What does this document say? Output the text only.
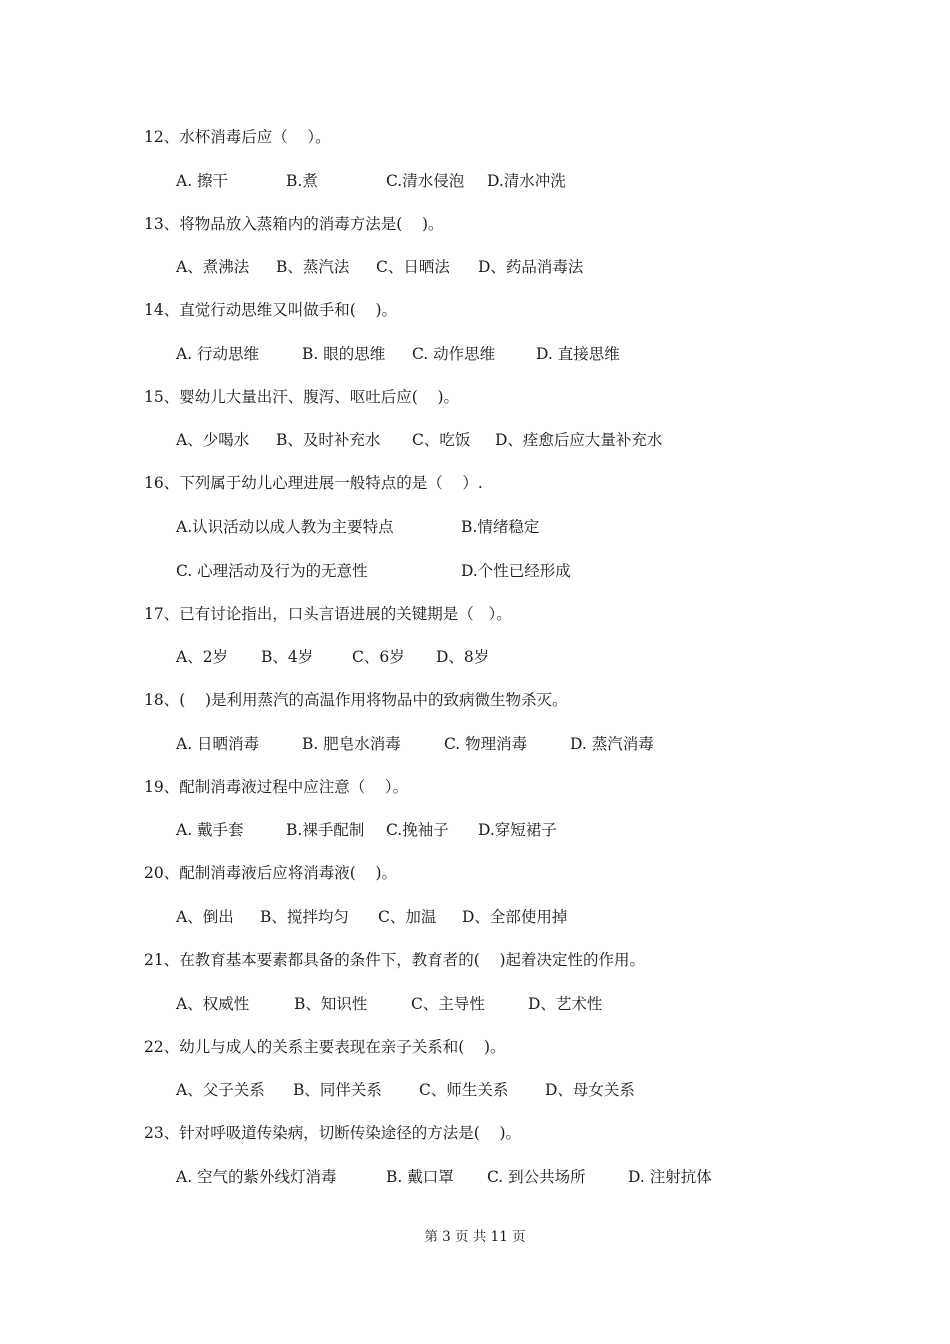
12、水杯消毒后应（    ）。

A. 擦干

	B.煮

	C.清水侵泡

D.清水冲洗

13、将物品放入蒸箱内的消毒方法是(    )。

A、煮沸法

B、蒸汽法

C、日晒法

D、药品消毒法

14、直觉行动思维又叫做手和(    )。

A. 行动思维

	B. 眼的思维

C. 动作思维

	D. 直接思维

15、婴幼儿大量出汗、腹泻、呕吐后应(    )。

A、少喝水

B、及时补充水

C、吃饭

D、痊愈后应大量补充水

16、下列属于幼儿心理进展一般特点的是（    ）.

A.认识活动以成人教为主要特点

	B.情绪稳定

C. 心理活动及行为的无意性

	D.个性已经形成

17、已有讨论指出，口头言语进展的关键期是（   ）。

A、2岁

B、4岁

C、6岁

D、8岁

18、(    )是利用蒸汽的高温作用将物品中的致病微生物杀灭。

A. 日晒消毒

	B. 肥皂水消毒

	C. 物理消毒

	D. 蒸汽消毒

19、配制消毒液过程中应注意（    ）。

A. 戴手套

	B.裸手配制

C.挽袖子

D.穿短裙子

20、配制消毒液后应将消毒液(    )。

A、倒出

B、搅拌均匀

C、加温

D、全部使用掉

21、在教育基本要素都具备的条件下，教育者的(    )起着决定性的作用。

A、权威性

	B、知识性

	C、主导性

	D、艺术性

22、幼儿与成人的关系主要表现在亲子关系和(    )。

A、父子关系

B、同伴关系

C、师生关系

D、母女关系

23、针对呼吸道传染病，切断传染途径的方法是(    )。

A. 空气的紫外线灯消毒

	B. 戴口罩

C. 到公共场所

	D. 注射抗体

第 3 页 共 11 页
